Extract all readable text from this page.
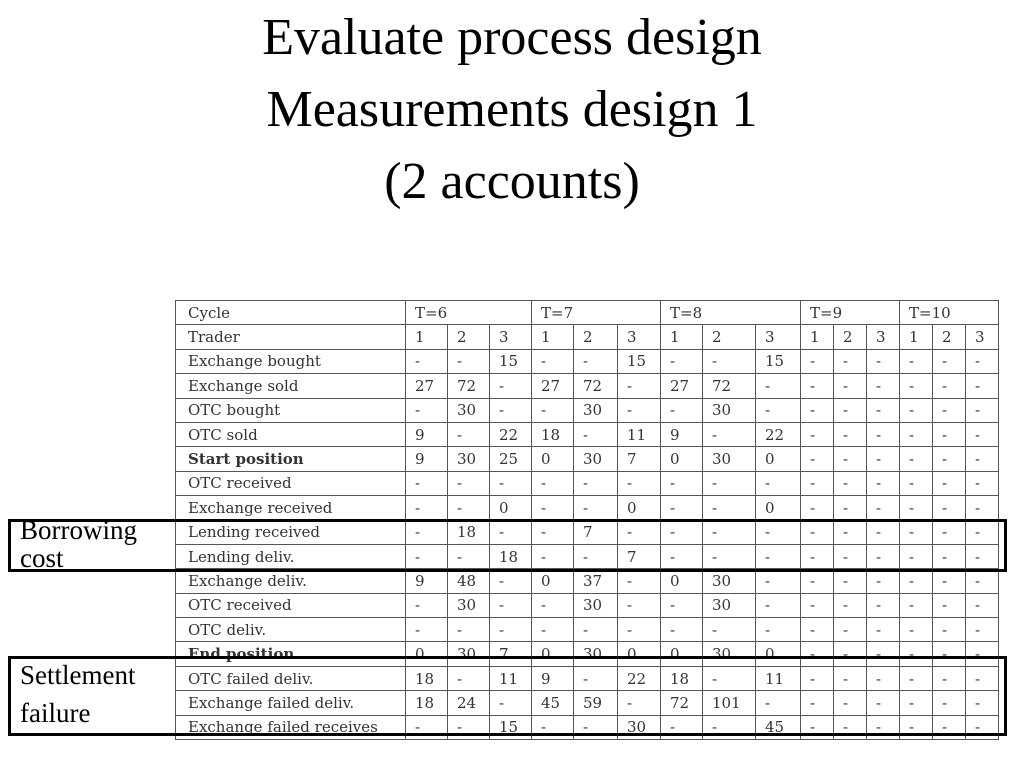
Evaluate process design
Measurements design 1
(2 accounts)
Cycle	T=6			T=7			T=8			T=9			T=10		
Trader	1	2	3	1	2	3	1	2	3	1	2	3	1	2	3
Exchange bought	-	-	15	-	-	15	-	-	15	-	-	-	-	-	-
Exchange sold	27	72	-	27	72	-	27	72	-	-	-	-	-	-	-
OTC bought	-	30	-	-	30	-	-	30	-	-	-	-	-	-	-
OTC sold	9	-	22	18	-	11	9	-	22	-	-	-	-	-	-
Start position	9	30	25	0	30	7	0	30	0	-	-	-	-	-	-
OTC received	-	-	-	-	-	-	-	-	-	-	-	-	-	-	-
Exchange received	-	-	0	-	-	0	-	-	0	-	-	-	-	-	-
Lending received	-	18	-	-	7	-	-	-	-	-	-	-	-	-	-
Lending deliv.	-	-	18	-	-	7	-	-	-	-	-	-	-	-	-
Exchange deliv.	9	48	-	0	37	-	0	30	-	-	-	-	-	-	-
OTC received	-	30	-	-	30	-	-	30	-	-	-	-	-	-	-
OTC deliv.	-	-	-	-	-	-	-	-	-	-	-	-	-	-	-
End position	0	30	7	0	30	0	0	30	0	-	-	-	-	-	-
OTC failed deliv.	18	-	11	9	-	22	18	-	11	-	-	-	-	-	-
Exchange failed deliv.	18	24	-	45	59	-	72	101	-	-	-	-	-	-	-
Exchange failed receives	-	-	15	-	-	30	-	-	45	-	-	-	-	-	-
Borrowing
cost
Settlement
failure
